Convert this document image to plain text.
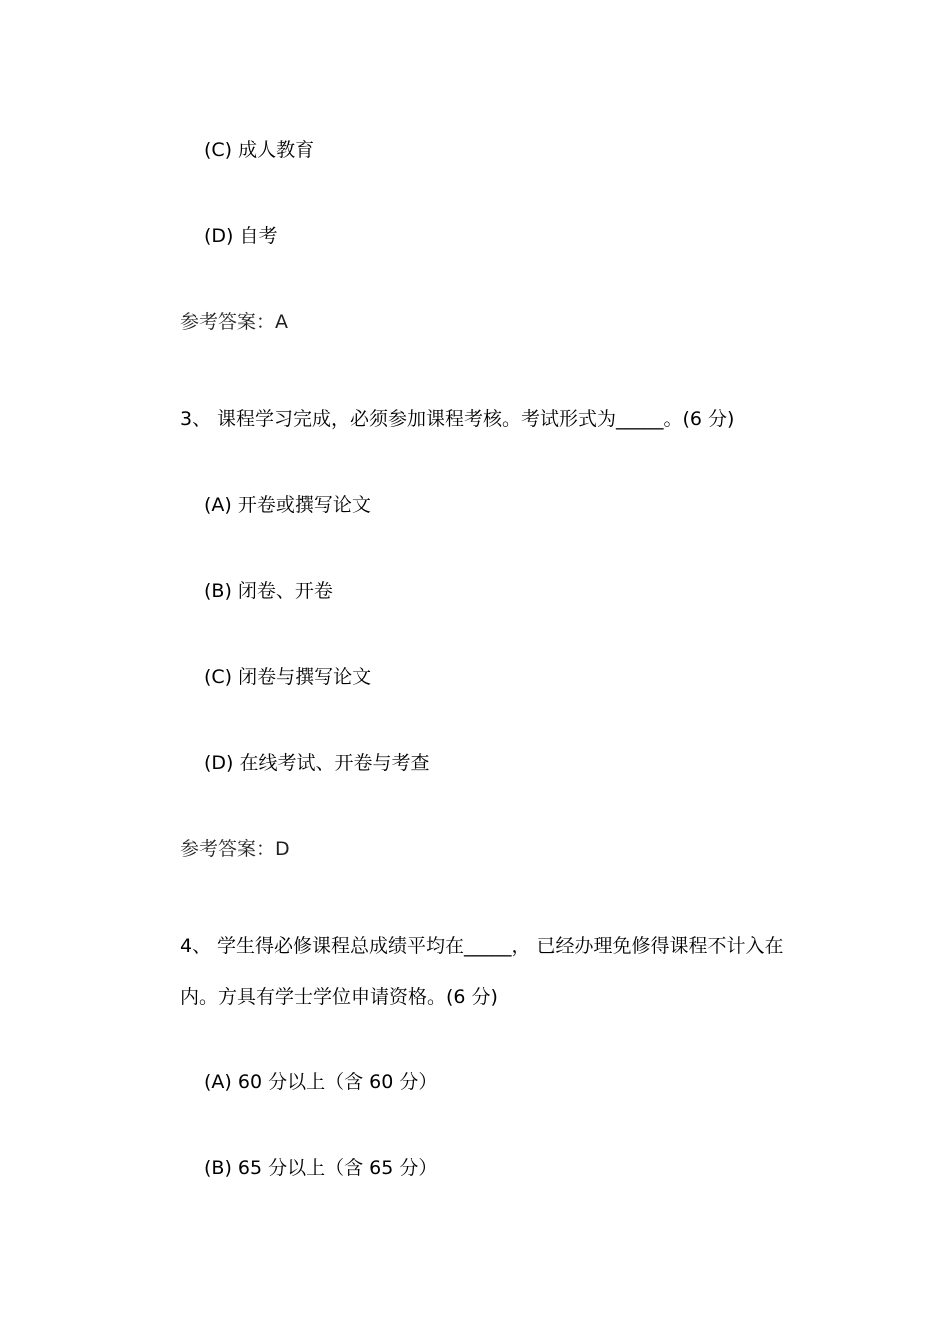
(C) 成人教育
(D) 自考
参考答案：A
3、 课程学习完成，必须参加课程考核。考试形式为_____。(6 分)
(A) 开卷或撰写论文
(B) 闭卷、开卷
(C) 闭卷与撰写论文
(D) 在线考试、开卷与考查
参考答案：D
4、 学生得必修课程总成绩平均在_____， 已经办理免修得课程不计入在
内。方具有学士学位申请资格。(6 分)
(A) 60 分以上（含 60 分）
(B) 65 分以上（含 65 分）
